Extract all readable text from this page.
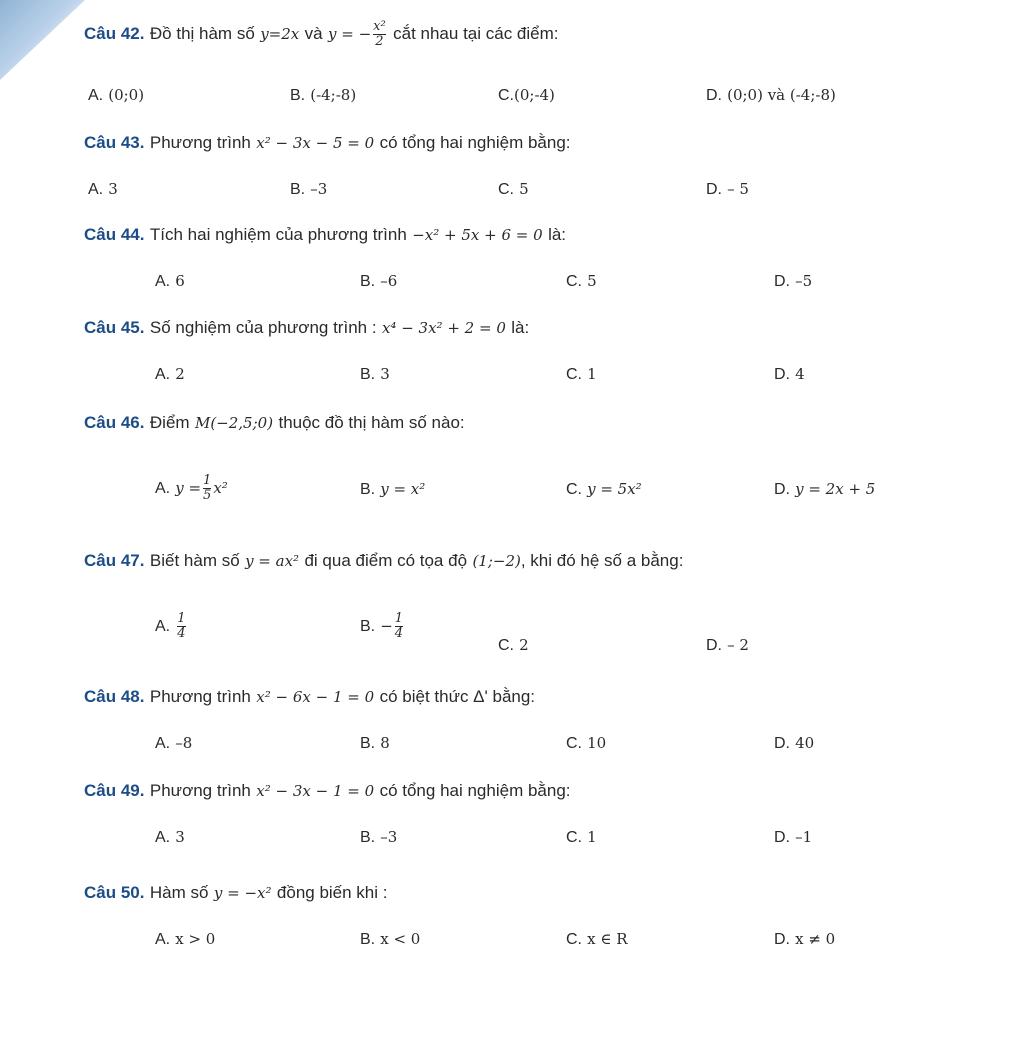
Câu 42. Đồ thị hàm số y=2x và y = − $\frac{\text{x²}}{2}$ cắt nhau tại các điểm:
A. (0;0)	B. (-4;-8)	C.(0;-4)	D. (0;0) và (-4;-8)
Câu 43. Phương trình x² − 3x − 5 = 0 có tổng hai nghiệm bằng:
A. 3	B. –3	C. 5	D. – 5
Câu 44. Tích hai nghiệm của phương trình −x² + 5x + 6 = 0 là:
A. 6	B. –6	C. 5	D. –5
Câu 45. Số nghiệm của phương trình : x⁴ − 3x² + 2 = 0 là:
A. 2	B. 3	C. 1	D. 4
Câu 46. Điểm M(−2,5;0) thuộc đồ thị hàm số nào:
A. $y = \frac{1}{5} x^2$	B. y = x²	C. y = 5x²	D. y = 2x + 5
Câu 47. Biết hàm số y = ax² đi qua điểm có tọa độ (1;−2), khi đó hệ số a bằng:
A. $\frac{1}{4}$	B. − $\frac{1}{4}$
C. 2	D. – 2
Câu 48. Phương trình x² − 6x − 1 = 0 có biệt thức Δ' bằng:
A. –8	B. 8	C. 10	D. 40
Câu 49. Phương trình x² − 3x − 1 = 0 có tổng hai nghiệm bằng:
A. 3	B. –3	C. 1	D. –1
Câu 50. Hàm số y = −x² đồng biến khi :
A. x > 0	B. x < 0	C. x ∈ R	D. x ≠ 0
